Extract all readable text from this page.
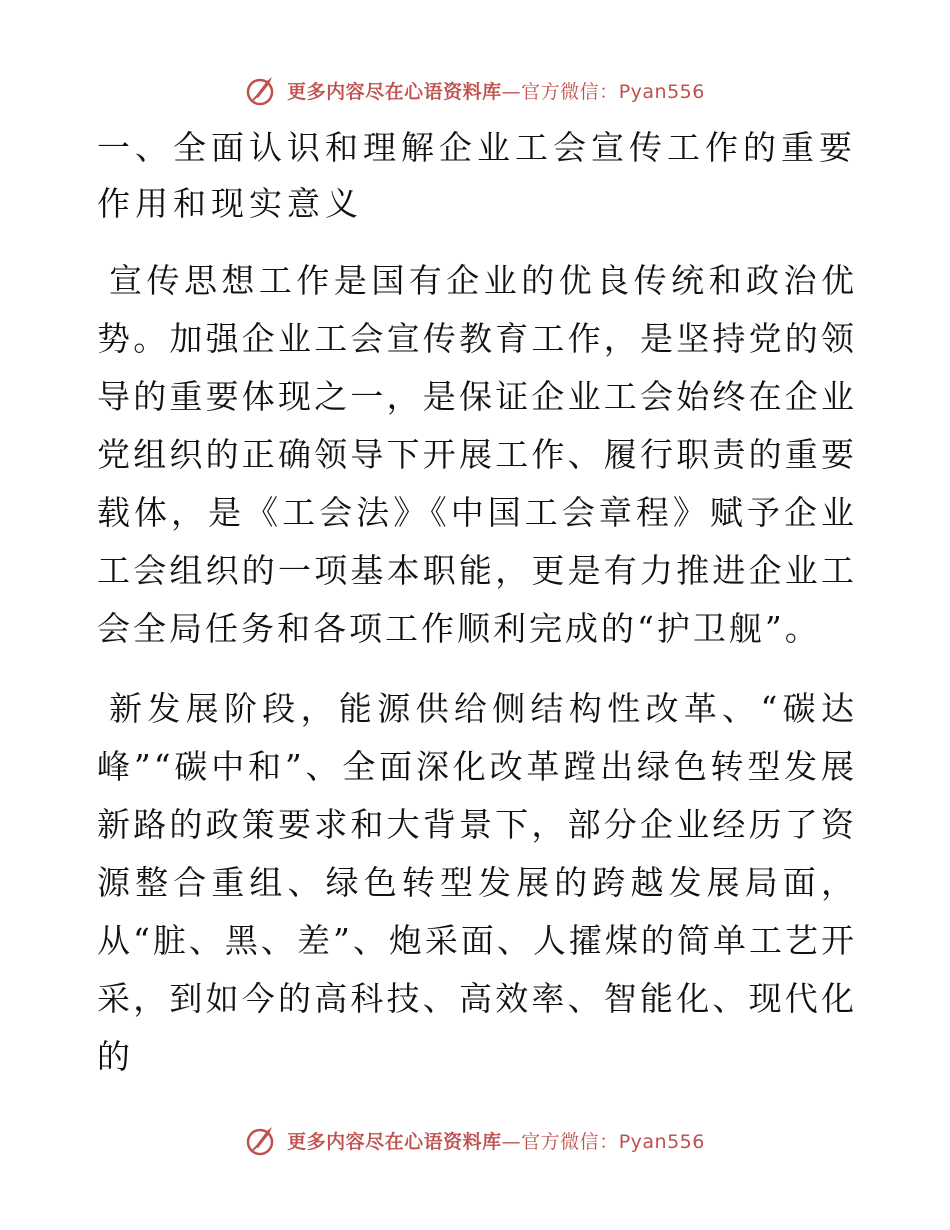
更多内容尽在心语资料库—官方微信：Pyan556
一、全面认识和理解企业工会宣传工作的重要作用和现实意义

宣传思想工作是国有企业的优良传统和政治优势。加强企业工会宣传教育工作，是坚持党的领导的重要体现之一，是保证企业工会始终在企业党组织的正确领导下开展工作、履行职责的重要载体，是《工会法》《中国工会章程》赋予企业工会组织的一项基本职能，更是有力推进企业工会全局任务和各项工作顺利完成的“护卫舰”。

新发展阶段，能源供给侧结构性改革、“碳达峰”“碳中和”、全面深化改革蹚出绿色转型发展新路的政策要求和大背景下，部分企业经历了资源整合重组、绿色转型发展的跨越发展局面，从“脏、黑、差”、炮采面、人攉煤的简单工艺开采，到如今的高科技、高效率、智能化、现代化的

更多内容尽在心语资料库—官方微信：Pyan556
